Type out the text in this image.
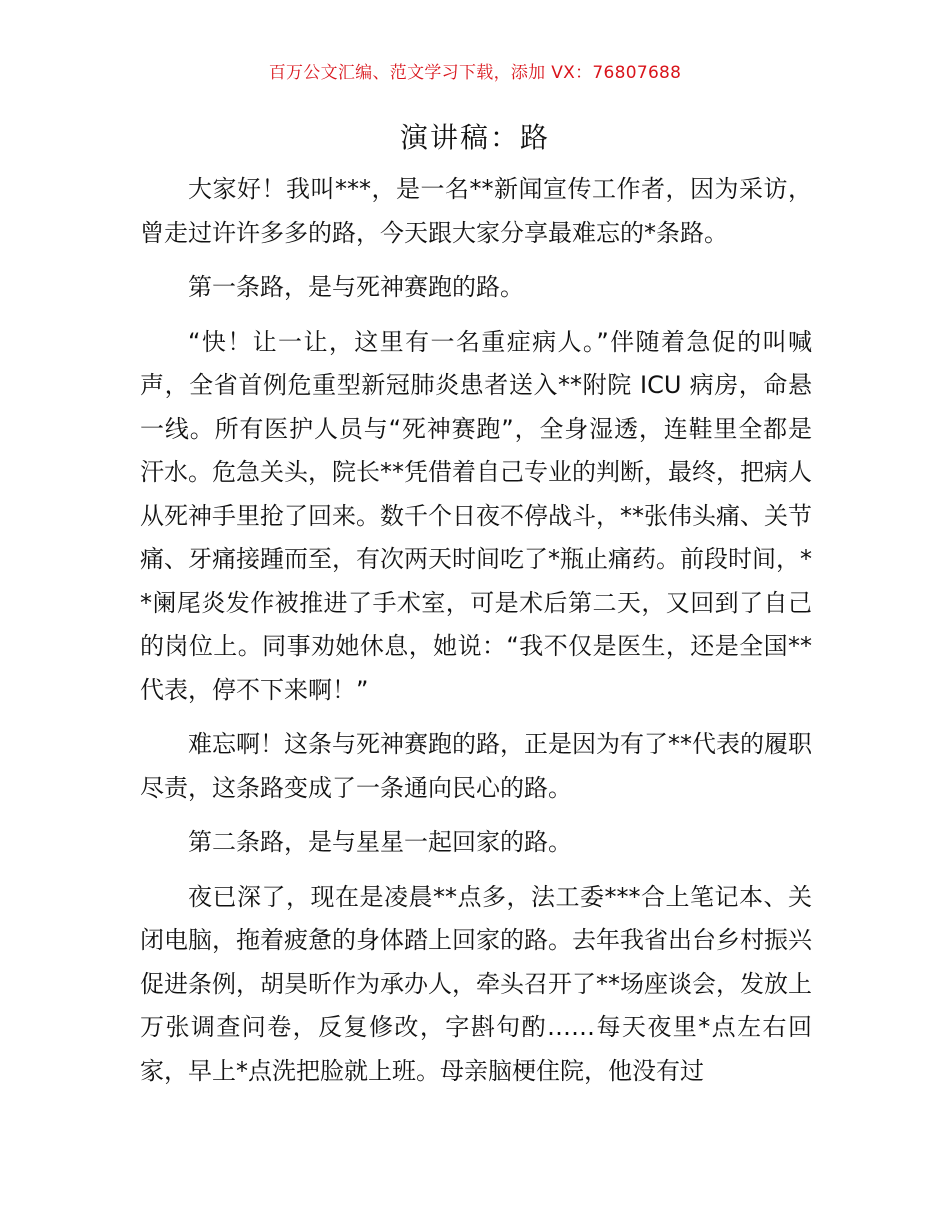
百万公文汇编、范文学习下载，添加 VX：76807688
演讲稿：路

大家好！我叫***，是一名**新闻宣传工作者，因为采访，曾走过许许多多的路，今天跟大家分享最难忘的*条路。

第一条路，是与死神赛跑的路。

“快！让一让，这里有一名重症病人。”伴随着急促的叫喊声，全省首例危重型新冠肺炎患者送入**附院 ICU 病房，命悬一线。所有医护人员与“死神赛跑”，全身湿透，连鞋里全都是汗水。危急关头，院长**凭借着自己专业的判断，最终，把病人从死神手里抢了回来。数千个日夜不停战斗，**张伟头痛、关节痛、牙痛接踵而至，有次两天时间吃了*瓶止痛药。前段时间，**阑尾炎发作被推进了手术室，可是术后第二天，又回到了自己的岗位上。同事劝她休息，她说：“我不仅是医生，还是全国**代表，停不下来啊！”

难忘啊！这条与死神赛跑的路，正是因为有了**代表的履职尽责，这条路变成了一条通向民心的路。

第二条路，是与星星一起回家的路。

夜已深了，现在是凌晨**点多，法工委***合上笔记本、关闭电脑，拖着疲惫的身体踏上回家的路。去年我省出台乡村振兴促进条例，胡昊昕作为承办人，牵头召开了**场座谈会，发放上万张调查问卷，反复修改，字斟句酌……每天夜里*点左右回家，早上*点洗把脸就上班。母亲脑梗住院，他没有过
